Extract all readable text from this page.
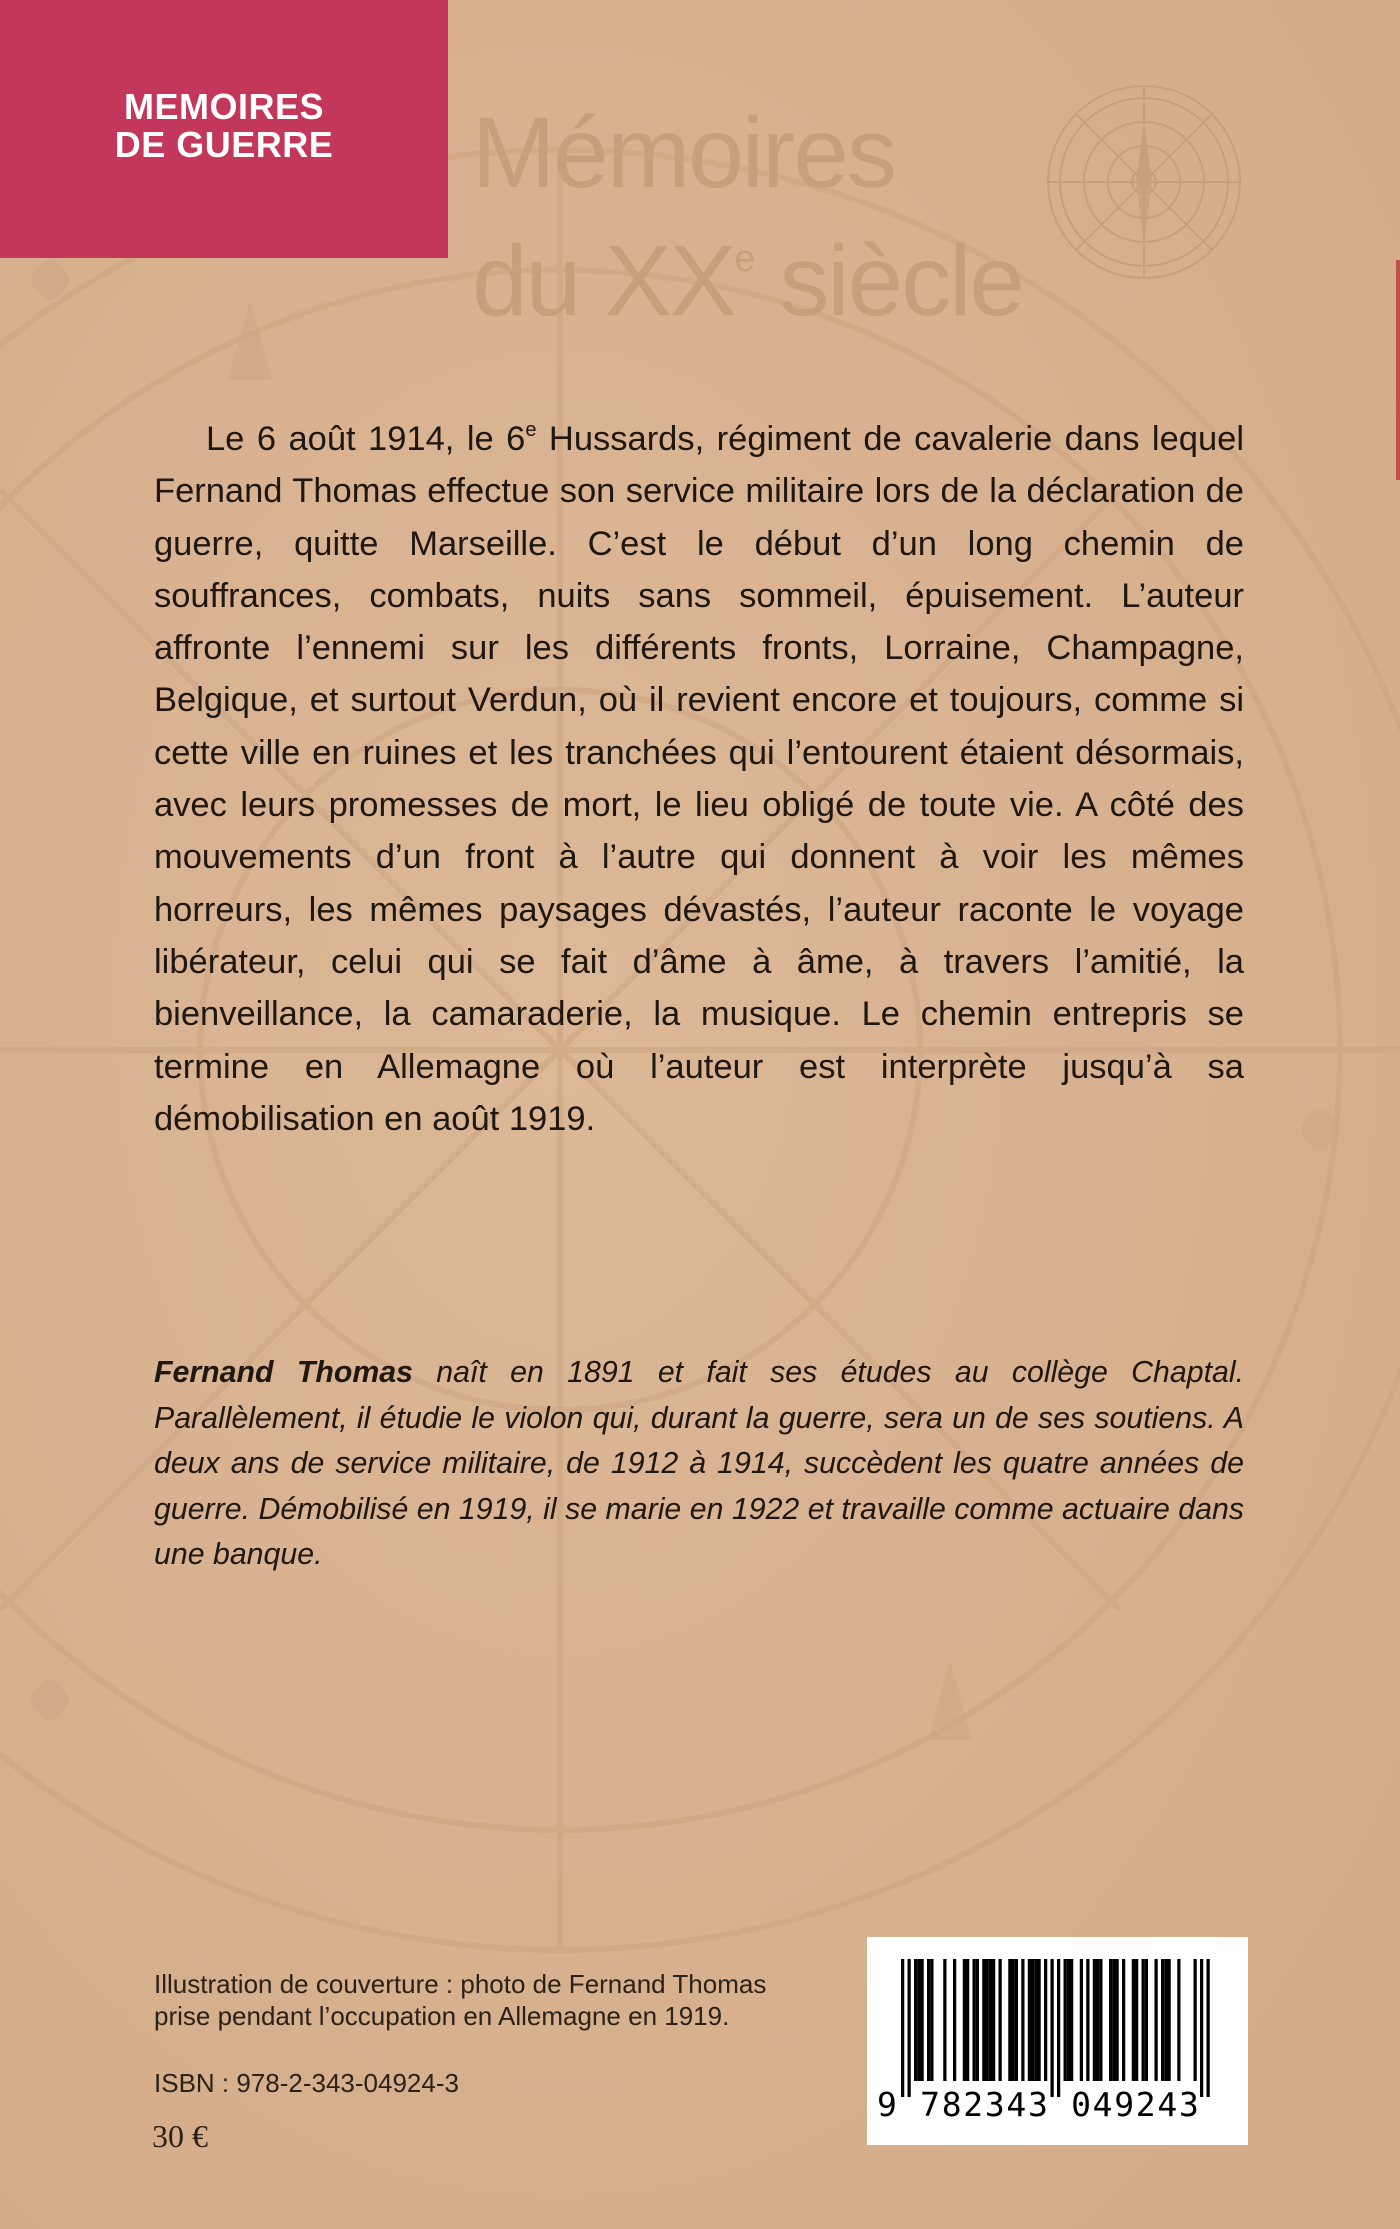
MEMOIRES
DE GUERRE	Mémoires
du XXe siècle

Le 6 août 1914, le 6e Hussards, régiment de cavalerie dans lequel Fernand Thomas effectue son service militaire lors de la déclaration de guerre, quitte Marseille. C’est le début d’un long chemin de souffrances, combats, nuits sans sommeil, épuisement. L’auteur affronte l’ennemi sur les différents fronts, Lorraine, Champagne, Belgique, et surtout Verdun, où il revient encore et toujours, comme si cette ville en ruines et les tranchées qui l’entourent étaient désormais, avec leurs promesses de mort, le lieu obligé de toute vie. A côté des mouvements d’un front à l’autre qui donnent à voir les mêmes horreurs, les mêmes paysages dévastés, l’auteur raconte le voyage libérateur, celui qui se fait d’âme à âme, à travers l’amitié, la bienveillance, la camaraderie, la musique. Le chemin entrepris se termine en Allemagne où l’auteur est interprète jusqu’à sa démobilisation en août 1919.

Fernand Thomas naît en 1891 et fait ses études au collège Chaptal. Parallèlement, il étudie le violon qui, durant la guerre, sera un de ses soutiens. A deux ans de service militaire, de 1912 à 1914, succèdent les quatre années de guerre. Démobilisé en 1919, il se marie en 1922 et travaille comme actuaire dans une banque.

Illustration de couverture : photo de Fernand Thomas
prise pendant l’occupation en Allemagne en 1919.

ISBN : 978-2-343-04924-3
30 €
9 782343 049243
